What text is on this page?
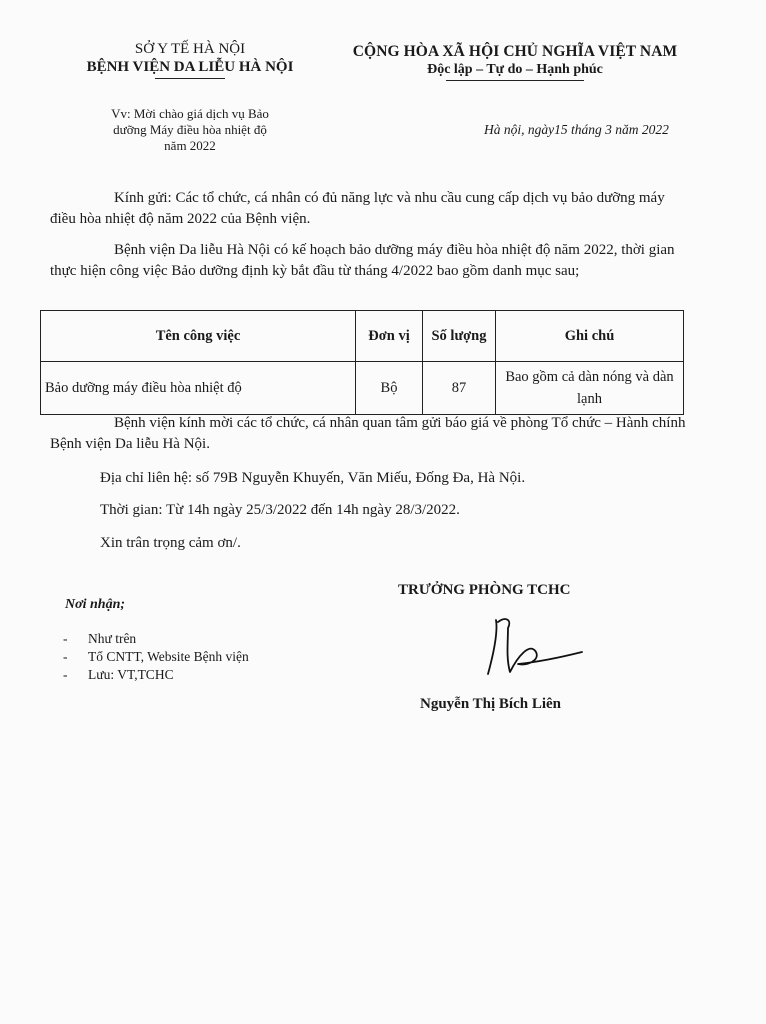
SỞ Y TẾ HÀ NỘI
BỆNH VIỆN DA LIỄU HÀ NỘI
CỘNG HÒA XÃ HỘI CHỦ NGHĨA VIỆT NAM
Độc lập – Tự do – Hạnh phúc
Vv: Mời chào giá dịch vụ Bảo
dưỡng Máy điều hòa nhiệt độ
năm 2022
Hà nội, ngày15 tháng 3 năm 2022
Kính gửi: Các tổ chức, cá nhân có đủ năng lực và nhu cầu cung cấp dịch vụ bảo dưỡng máy điều hòa nhiệt độ năm 2022 của Bệnh viện.
Bệnh viện Da liễu Hà Nội có kế hoạch bảo dưỡng máy điều hòa nhiệt độ năm 2022, thời gian thực hiện công việc Bảo dưỡng định kỳ bắt đầu từ tháng 4/2022 bao gồm danh mục sau;
Tên công việc	Đơn vị	Số lượng	Ghi chú
Bảo dưỡng máy điều hòa nhiệt độ	Bộ	87	Bao gồm cả dàn nóng và dàn lạnh
Bệnh viện kính mời các tổ chức, cá nhân quan tâm gửi báo giá về phòng Tổ chức – Hành chính Bệnh viện Da liễu Hà Nội.
Địa chỉ liên hệ: số 79B Nguyễn Khuyến, Văn Miếu, Đống Đa, Hà Nội.
Thời gian: Từ 14h ngày 25/3/2022 đến 14h ngày 28/3/2022.
Xin trân trọng cảm ơn/.
Nơi nhận;
- Như trên
- Tổ CNTT, Website Bệnh viện
- Lưu: VT,TCHC
TRƯỞNG PHÒNG TCHC
Nguyễn Thị Bích Liên
